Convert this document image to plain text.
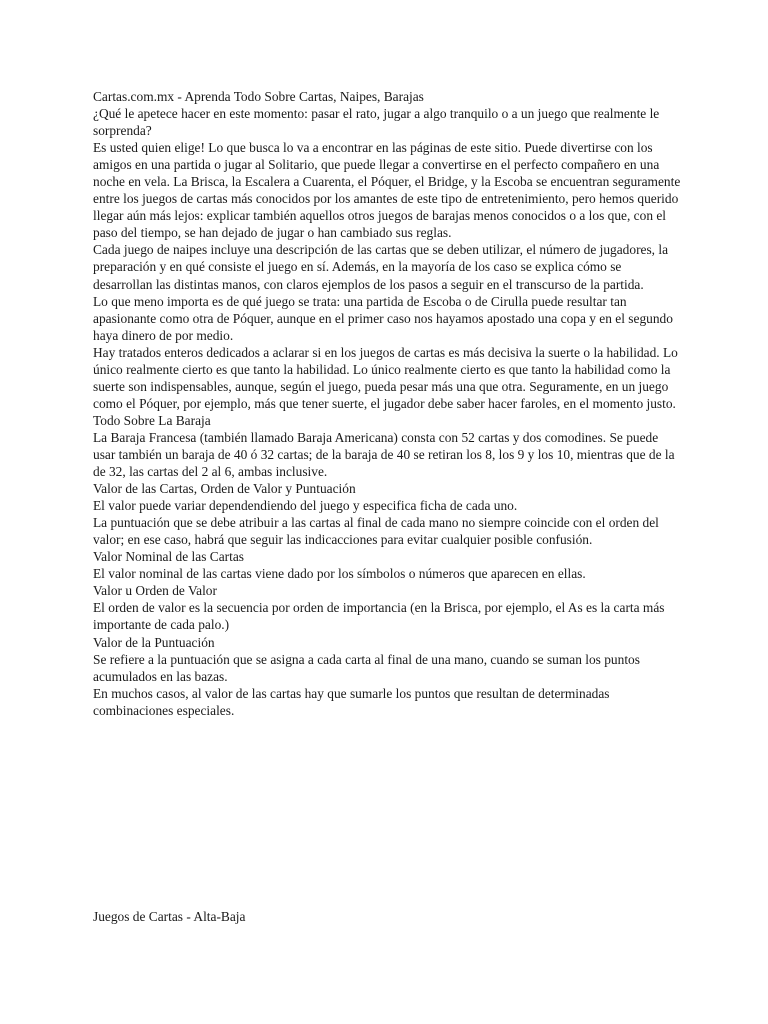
Cartas.com.mx - Aprenda Todo Sobre Cartas, Naipes, Barajas

¿Qué le apetece hacer en este momento: pasar el rato, jugar a algo tranquilo o a un juego que realmente le sorprenda?

Es usted quien elige! Lo que busca lo va a encontrar en las páginas de este sitio. Puede divertirse con los amigos en una partida o jugar al Solitario, que puede llegar a convertirse en el perfecto compañero en una noche en vela. La Brisca, la Escalera a Cuarenta, el Póquer, el Bridge, y la Escoba se encuentran seguramente entre los juegos de cartas más conocidos por los amantes de este tipo de entretenimiento, pero hemos querido llegar aún más lejos: explicar también aquellos otros juegos de barajas menos conocidos o a los que, con el paso del tiempo, se han dejado de jugar o han cambiado sus reglas.

Cada juego de naipes incluye una descripción de las cartas que se deben utilizar, el número de jugadores, la preparación y en qué consiste el juego en sí. Además, en la mayoría de los caso se explica cómo se desarrollan las distintas manos, con claros ejemplos de los pasos a seguir en el transcurso de la partida.

Lo que meno importa es de qué juego se trata: una partida de Escoba o de Cirulla puede resultar tan apasionante como otra de Póquer, aunque en el primer caso nos hayamos apostado una copa y en el segundo haya dinero de por medio.

Hay tratados enteros dedicados a aclarar si en los juegos de cartas es más decisiva la suerte o la habilidad. Lo único realmente cierto es que tanto la habilidad. Lo único realmente cierto es que tanto la habilidad como la suerte son indispensables, aunque, según el juego, pueda pesar más una que otra. Seguramente, en un juego como el Póquer, por ejemplo, más que tener suerte, el jugador debe saber hacer faroles, en el momento justo.

Todo Sobre La Baraja

La Baraja Francesa (también llamado Baraja Americana) consta con 52 cartas y dos comodines. Se puede usar también un baraja de 40 ó 32 cartas; de la baraja de 40 se retiran los 8, los 9 y los 10, mientras que de la de 32, las cartas del 2 al 6, ambas inclusive.

Valor de las Cartas, Orden de Valor y Puntuación

El valor puede variar dependendiendo del juego y especifica ficha de cada uno.

La puntuación que se debe atribuir a las cartas al final de cada mano no siempre coincide con el orden del valor; en ese caso, habrá que seguir las indicacciones para evitar cualquier posible confusión.

Valor Nominal de las Cartas

El valor nominal de las cartas viene dado por los símbolos o números que aparecen en ellas.

Valor u Orden de Valor

El orden de valor es la secuencia por orden de importancia (en la Brisca, por ejemplo, el As es la carta más importante de cada palo.)

Valor de la Puntuación

Se refiere a la puntuación que se asigna a cada carta al final de una mano, cuando se suman los puntos acumulados en las bazas.

En muchos casos, al valor de las cartas hay que sumarle los puntos que resultan de determinadas combinaciones especiales.

Juegos de Cartas - Alta-Baja
